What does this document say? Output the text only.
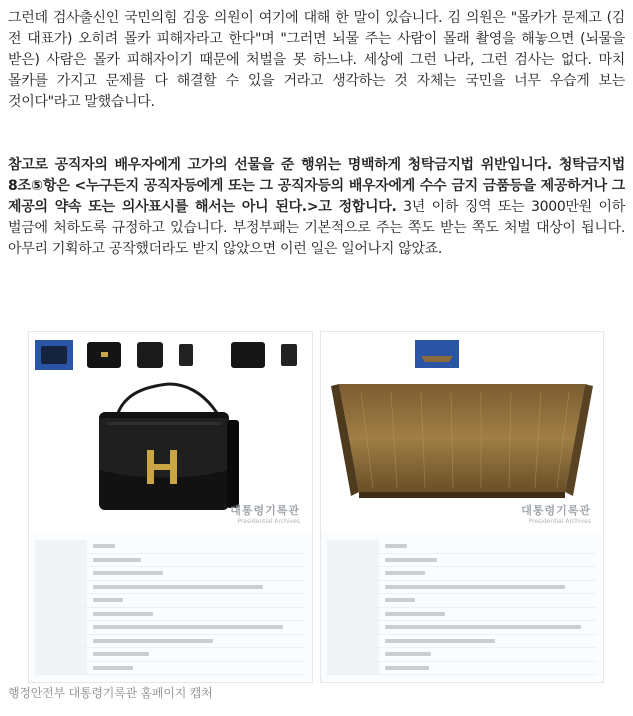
그런데 검사출신인 국민의힘 김웅 의원이 여기에 대해 한 말이 있습니다. 김 의원은 "몰카가 문제고 (김 전 대표가) 오히려 몰카 피해자라고 한다"며 "그러면 뇌물 주는 사람이 몰래 촬영을 해놓으면 (뇌물을 받은) 사람은 몰카 피해자이기 때문에 처벌을 못 하느냐. 세상에 그런 나라, 그런 검사는 없다. 마치 몰카를 가지고 문제를 다 해결할 수 있을 거라고 생각하는 것 자체는 국민을 너무 우습게 보는 것이다"라고 말했습니다.

참고로 공직자의 배우자에게 고가의 선물을 준 행위는 명백하게 청탁금지법 위반입니다. 청탁금지법 8조⑤항은 <누구든지 공직자등에게 또는 그 공직자등의 배우자에게 수수 금지 금품등을 제공하거나 그 제공의 약속 또는 의사표시를 해서는 아니 된다.>고 정합니다. 3년 이하 징역 또는 3000만원 이하 벌금에 처하도록 규정하고 있습니다. 부정부패는 기본적으로 주는 쪽도 받는 쪽도 처벌 대상이 됩니다. 아무리 기획하고 공작했더라도 받지 않았으면 이런 일은 일어나지 않았죠.

대통령기록관
Presidential Archives
대통령기록관
Presidential Archives

행정안전부 대통령기록관 홈페이지 캡처
